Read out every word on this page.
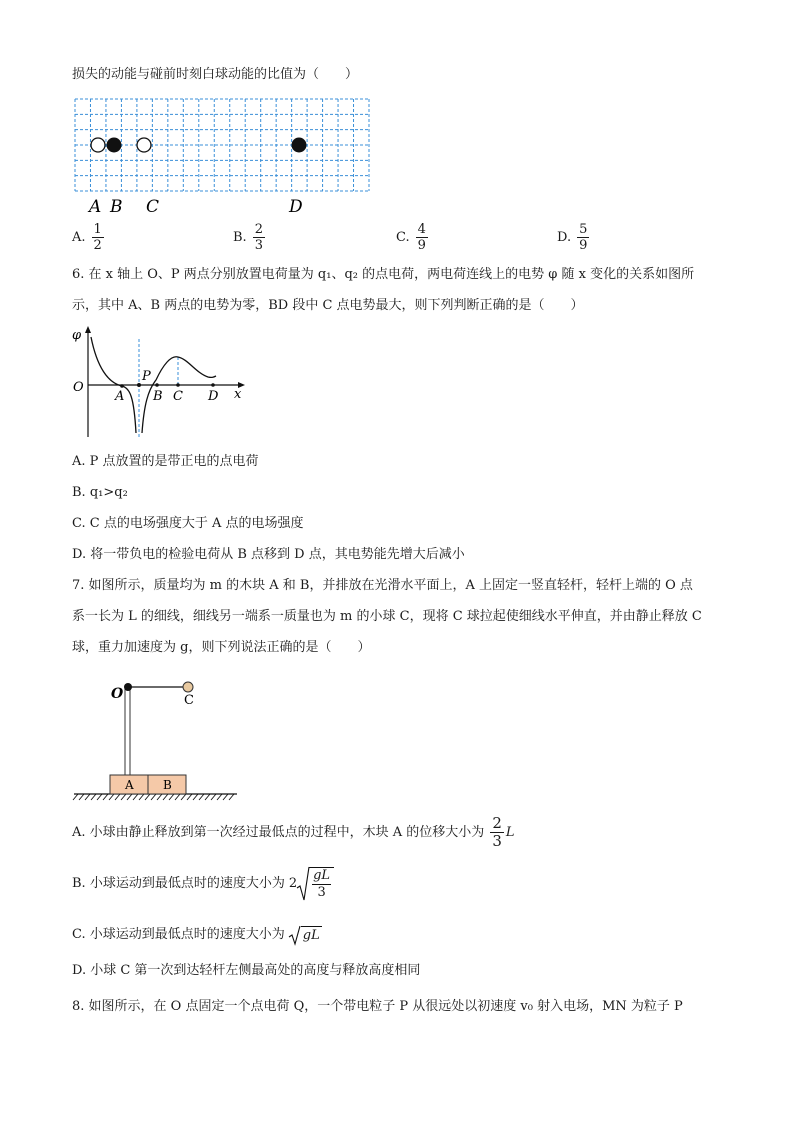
损失的动能与碰前时刻白球动能的比值为（　　）
A B C	D
A. $\frac{1}{2}$	B. $\frac{2}{3}$	C. $\frac{4}{9}$	D. $\frac{5}{9}$
6. 在 x 轴上 O、P 两点分别放置电荷量为 q₁、q₂ 的点电荷，两电荷连线上的电势 φ 随 x 变化的关系如图所
示，其中 A、B 两点的电势为零，BD 段中 C 点电势最大，则下列判断正确的是（　　）
φ
O
A
P
B C D x
A. P 点放置的是带正电的点电荷
B. q₁>q₂
C. C 点的电场强度大于 A 点的电场强度
D. 将一带负电的检验电荷从 B 点移到 D 点，其电势能先增大后减小
7. 如图所示，质量均为 m 的木块 A 和 B，并排放在光滑水平面上，A 上固定一竖直轻杆，轻杆上端的 O 点
系一长为 L 的细线，细线另一端系一质量也为 m 的小球 C，现将 C 球拉起使细线水平伸直，并由静止释放 C
球，重力加速度为 g，则下列说法正确的是（　　）
O	C
A B
A. 小球由静止释放到第一次经过最低点的过程中，木块 A 的位移大小为 $\frac{2}{3}$ L
B. 小球运动到最低点时的速度大小为 2
gL
3
C. 小球运动到最低点时的速度大小为 gL
D. 小球 C 第一次到达轻杆左侧最高处的高度与释放高度相同
8. 如图所示，在 O 点固定一个点电荷 Q，一个带电粒子 P 从很远处以初速度 v₀ 射入电场，MN 为粒子 P
